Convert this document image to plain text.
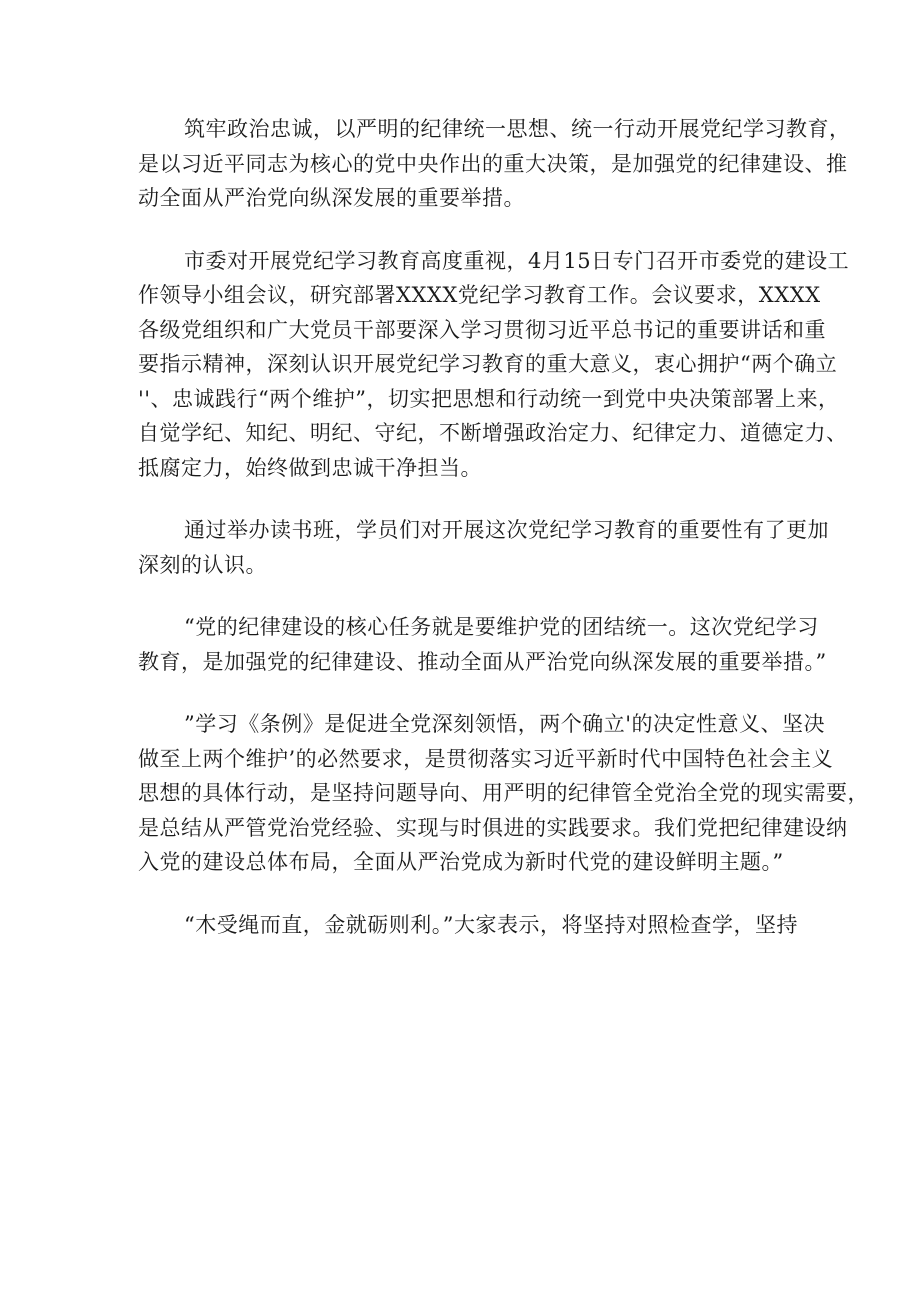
筑牢政治忠诚，以严明的纪律统一思想、统一行动开展党纪学习教育，
是以习近平同志为核心的党中央作出的重大决策，是加强党的纪律建设、推
动全面从严治党向纵深发展的重要举措。

市委对开展党纪学习教育高度重视，4月15日专门召开市委党的建设工
作领导小组会议，研究部署XXXX党纪学习教育工作。会议要求，XXXX
各级党组织和广大党员干部要深入学习贯彻习近平总书记的重要讲话和重
要指示精神，深刻认识开展党纪学习教育的重大意义，衷心拥护“两个确立
''、忠诚践行“两个维护”，切实把思想和行动统一到党中央决策部署上来，
自觉学纪、知纪、明纪、守纪，不断增强政治定力、纪律定力、道德定力、
抵腐定力，始终做到忠诚干净担当。

通过举办读书班，学员们对开展这次党纪学习教育的重要性有了更加
深刻的认识。

“党的纪律建设的核心任务就是要维护党的团结统一。这次党纪学习
教育，是加强党的纪律建设、推动全面从严治党向纵深发展的重要举措。”

”学习《条例》是促进全党深刻领悟，两个确立'的决定性意义、坚决
做至上两个维护’的必然要求，是贯彻落实习近平新时代中国特色社会主义
思想的具体行动，是坚持问题导向、用严明的纪律管全党治全党的现实需要，
是总结从严管党治党经验、实现与时俱进的实践要求。我们党把纪律建设纳
入党的建设总体布局，全面从严治党成为新时代党的建设鲜明主题。”

“木受绳而直，金就砺则利。”大家表示，将坚持对照检查学，坚持
